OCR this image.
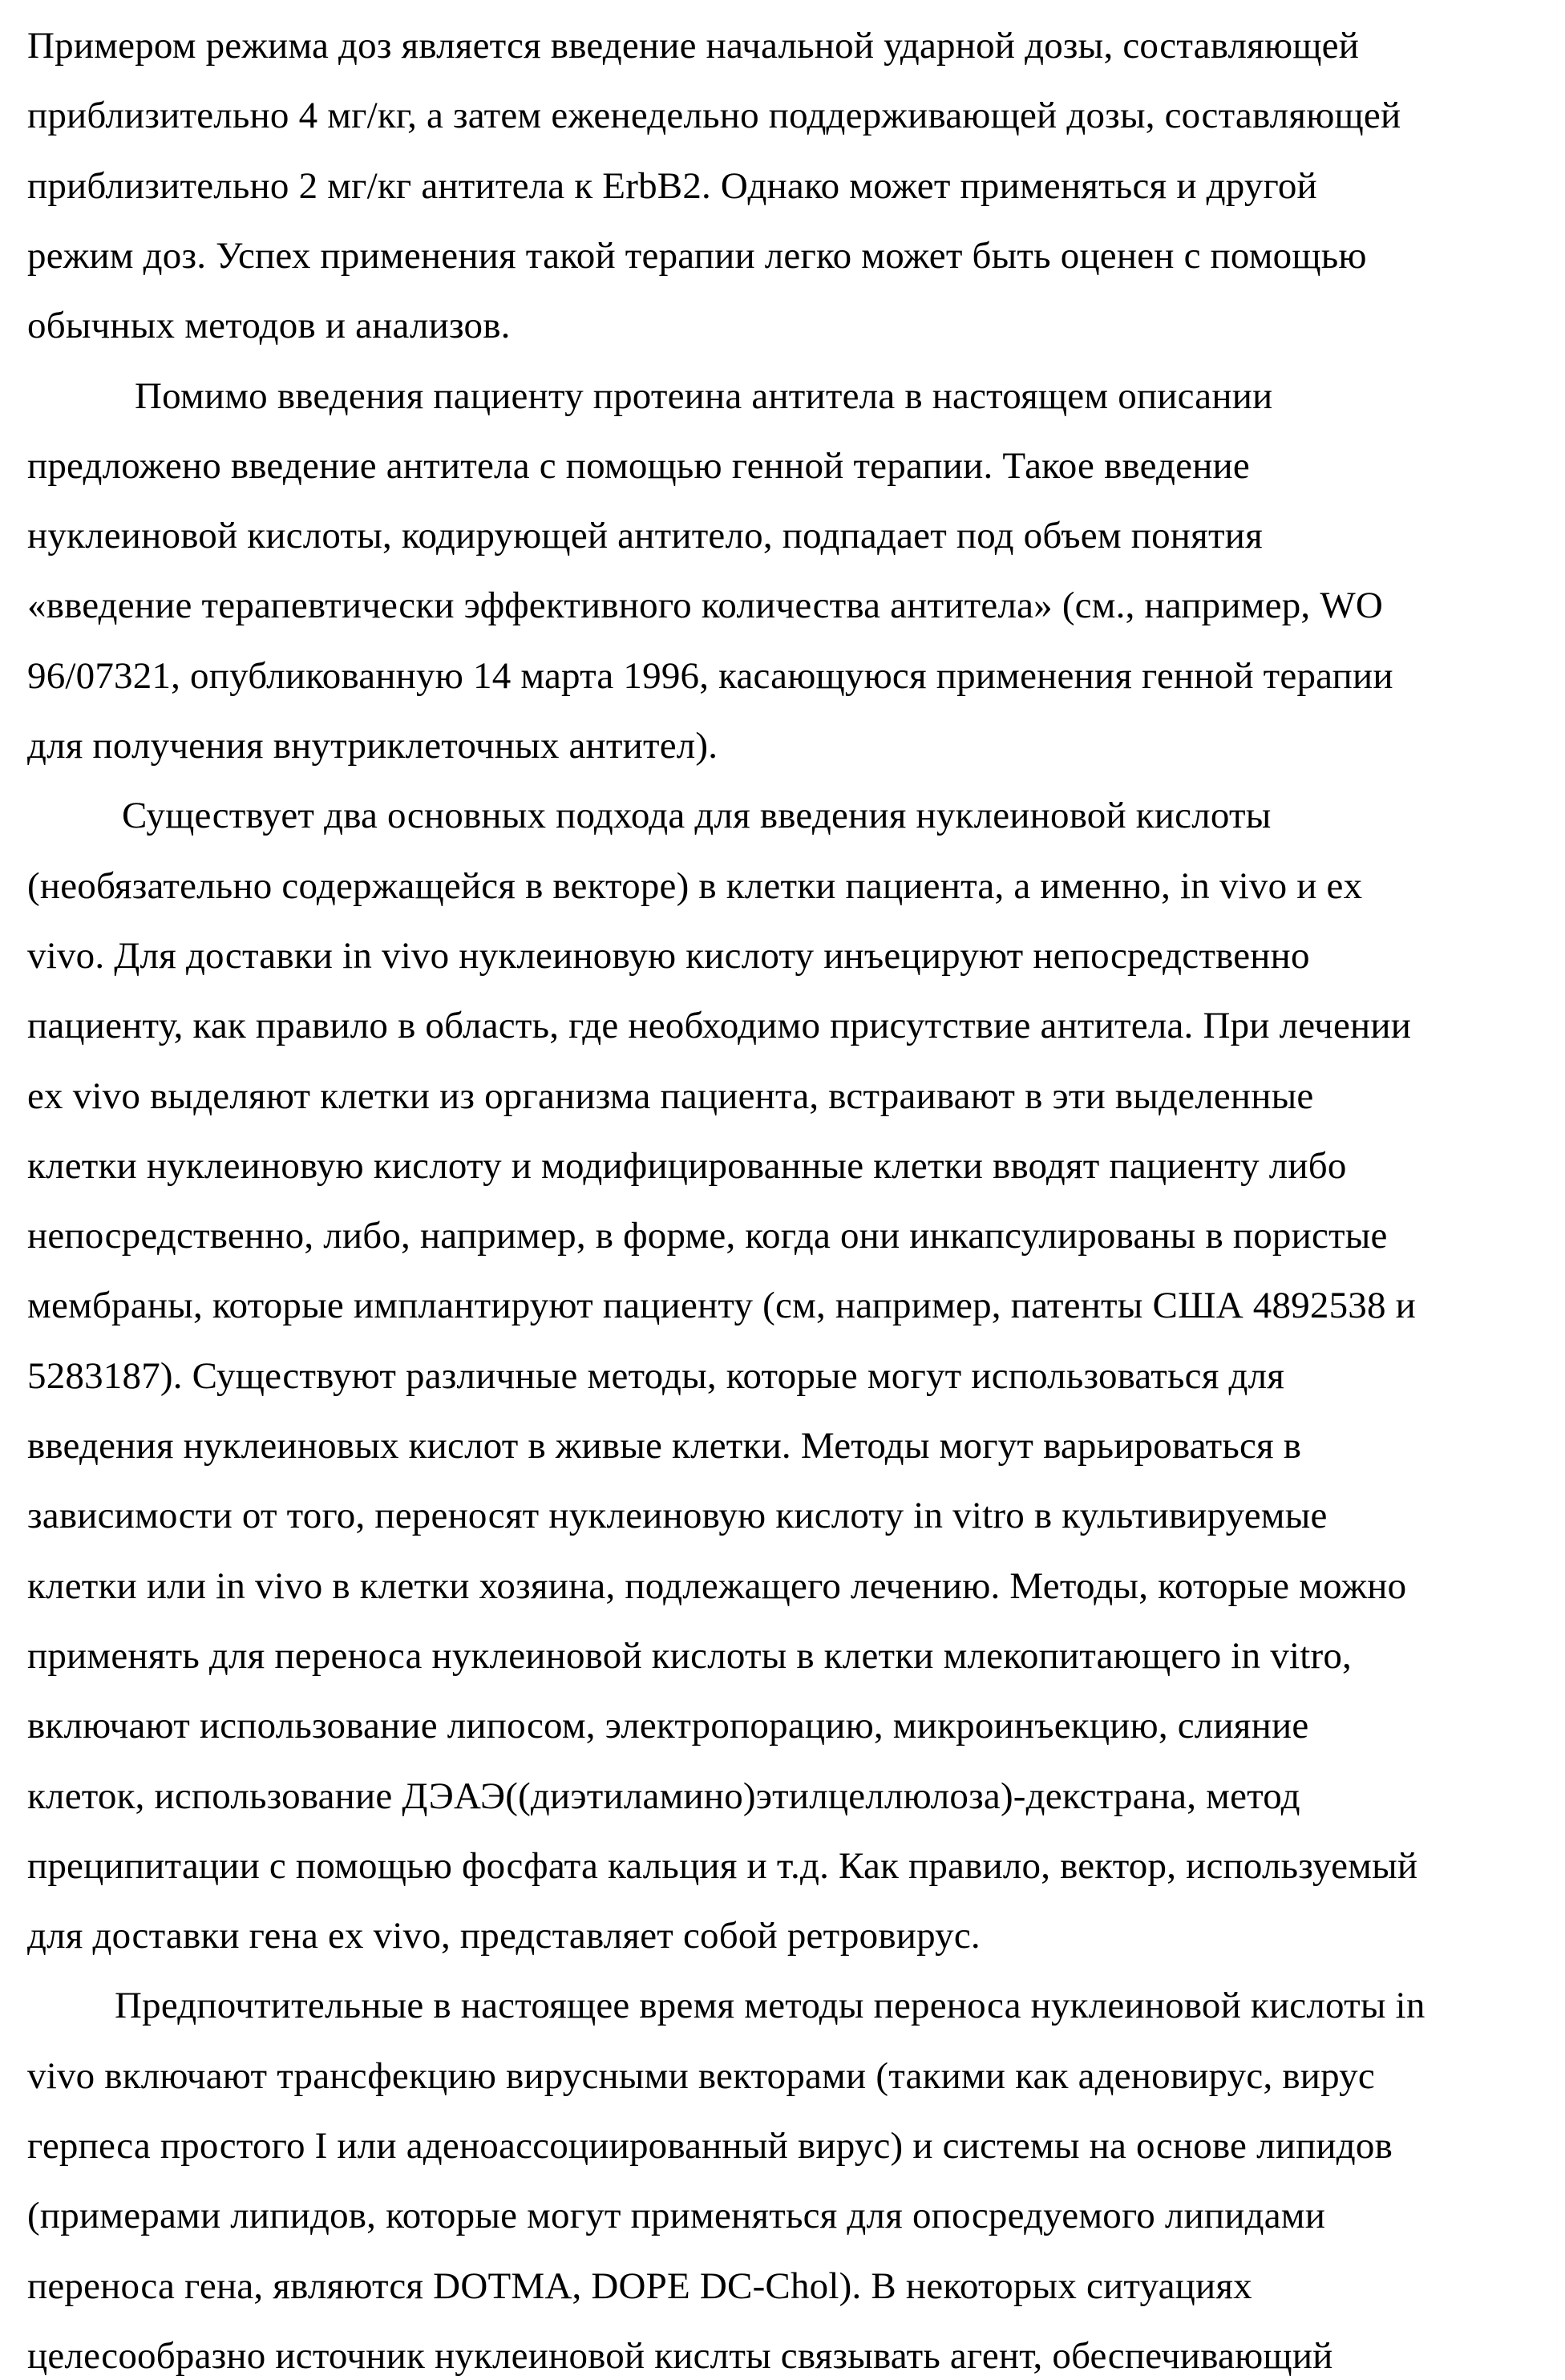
Примером режима доз является введение начальной ударной дозы, составляющей
приблизительно 4 мг/кг, а затем еженедельно поддерживающей дозы, составляющей
приблизительно 2 мг/кг антитела к ErbB2. Однако может применяться и другой
режим доз. Успех применения такой терапии легко может быть оценен с помощью
обычных методов и анализов.
Помимо введения пациенту протеина антитела в настоящем описании
предложено введение антитела с помощью генной терапии. Такое введение
нуклеиновой кислоты, кодирующей антитело, подпадает под объем понятия
«введение терапевтически эффективного количества антитела» (см., например, WO
96/07321, опубликованную 14 марта 1996, касающуюся применения генной терапии
для получения внутриклеточных антител).
Существует два основных подхода для введения нуклеиновой кислоты
(необязательно содержащейся в векторе) в клетки пациента, а именно, in vivo и ex
vivo. Для доставки in vivo нуклеиновую кислоту инъецируют непосредственно
пациенту, как правило в область, где необходимо присутствие антитела. При лечении
ex vivo выделяют клетки из организма пациента, встраивают в эти выделенные
клетки нуклеиновую кислоту и модифицированные клетки вводят пациенту либо
непосредственно, либо, например, в форме, когда они инкапсулированы в пористые
мембраны, которые имплантируют пациенту (см, например, патенты США 4892538 и
5283187). Существуют различные методы, которые могут использоваться для
введения нуклеиновых кислот в живые клетки. Методы могут варьироваться в
зависимости от того, переносят нуклеиновую кислоту in vitro в культивируемые
клетки или in vivo в клетки хозяина, подлежащего лечению. Методы, которые можно
применять для переноса нуклеиновой кислоты в клетки млекопитающего in vitro,
включают использование липосом, электропорацию, микроинъекцию, слияние
клеток, использование ДЭАЭ((диэтиламино)этилцеллюлоза)-декстрана, метод
преципитации с помощью фосфата кальция и т.д. Как правило, вектор, используемый
для доставки гена ex vivo, представляет собой ретровирус.
Предпочтительные в настоящее время методы переноса нуклеиновой кислоты in
vivo включают трансфекцию вирусными векторами (такими как аденовирус, вирус
герпеса простого I или аденоассоциированный вирус) и системы на основе липидов
(примерами липидов, которые могут применяться для опосредуемого липидами
переноса гена, являются DOTMA, DOPE DC-Chol). В некоторых ситуациях
целесообразно источник нуклеиновой кислты связывать агент, обеспечивающий
